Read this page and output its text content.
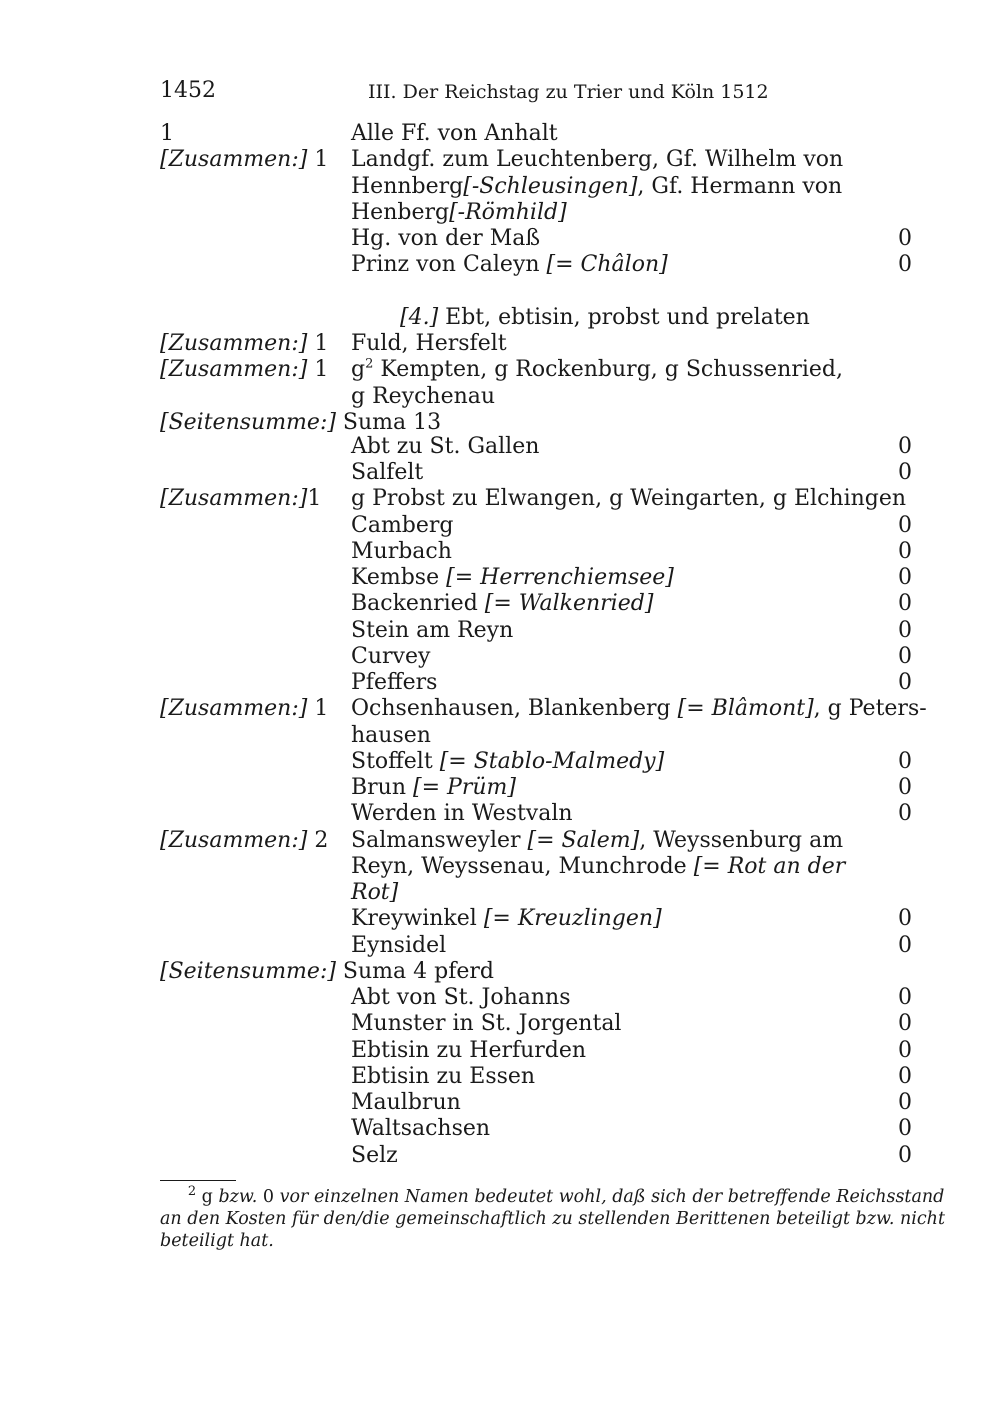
1452	III. Der Reichstag zu Trier und Köln 1512
1	Alle Ff. von Anhalt
[Zusammen:] 1 Landgf. zum Leuchtenberg, Gf. Wilhelm von
Hennberg[-Schleusingen], Gf. Hermann von
Henberg[-Römhild]
Hg. von der Maß	0
Prinz von Caleyn [= Châlon]	0
[4.] Ebt, ebtisin, probst und prelaten
[Zusammen:] 1 Fuld, Hersfelt
[Zusammen:] 1 $g^2$ Kempten, g Rockenburg, g Schussenried,
g Reychenau
[Seitensumme:] Suma 13
Abt zu St. Gallen	0
Salfelt	0
[Zusammen:]1 g Probst zu Elwangen, g Weingarten, g Elchingen
Camberg	0
Murbach	0
Kembse [= Herrenchiemsee]	0
Backenried [= Walkenried]	0
Stein am Reyn	0
Curvey	0
Pfeffers	0
[Zusammen:] 1 Ochsenhausen, Blankenberg [= Blâmont], g Peters-
hausen
Stoffelt [= Stablo-Malmedy]	0
Brun [= Prüm]	0
Werden in Westvaln	0
[Zusammen:] 2 Salmansweyler [= Salem], Weyssenburg am
Reyn, Weyssenau, Munchrode [= Rot an der
Rot]
Kreywinkel [= Kreuzlingen]	0
Eynsidel	0
[Seitensumme:] Suma 4 pferd
Abt von St. Johanns	0
Munster in St. Jorgental	0
Ebtisin zu Herfurden	0
Ebtisin zu Essen	0
Maulbrun	0
Waltsachsen	0
Selz	0
$^2$ g bzw. 0 vor einzelnen Namen bedeutet wohl, daß sich der betreffende Reichsstand
an den Kosten für den/die gemeinschaftlich zu stellenden Berittenen beteiligt bzw. nicht
beteiligt hat.
